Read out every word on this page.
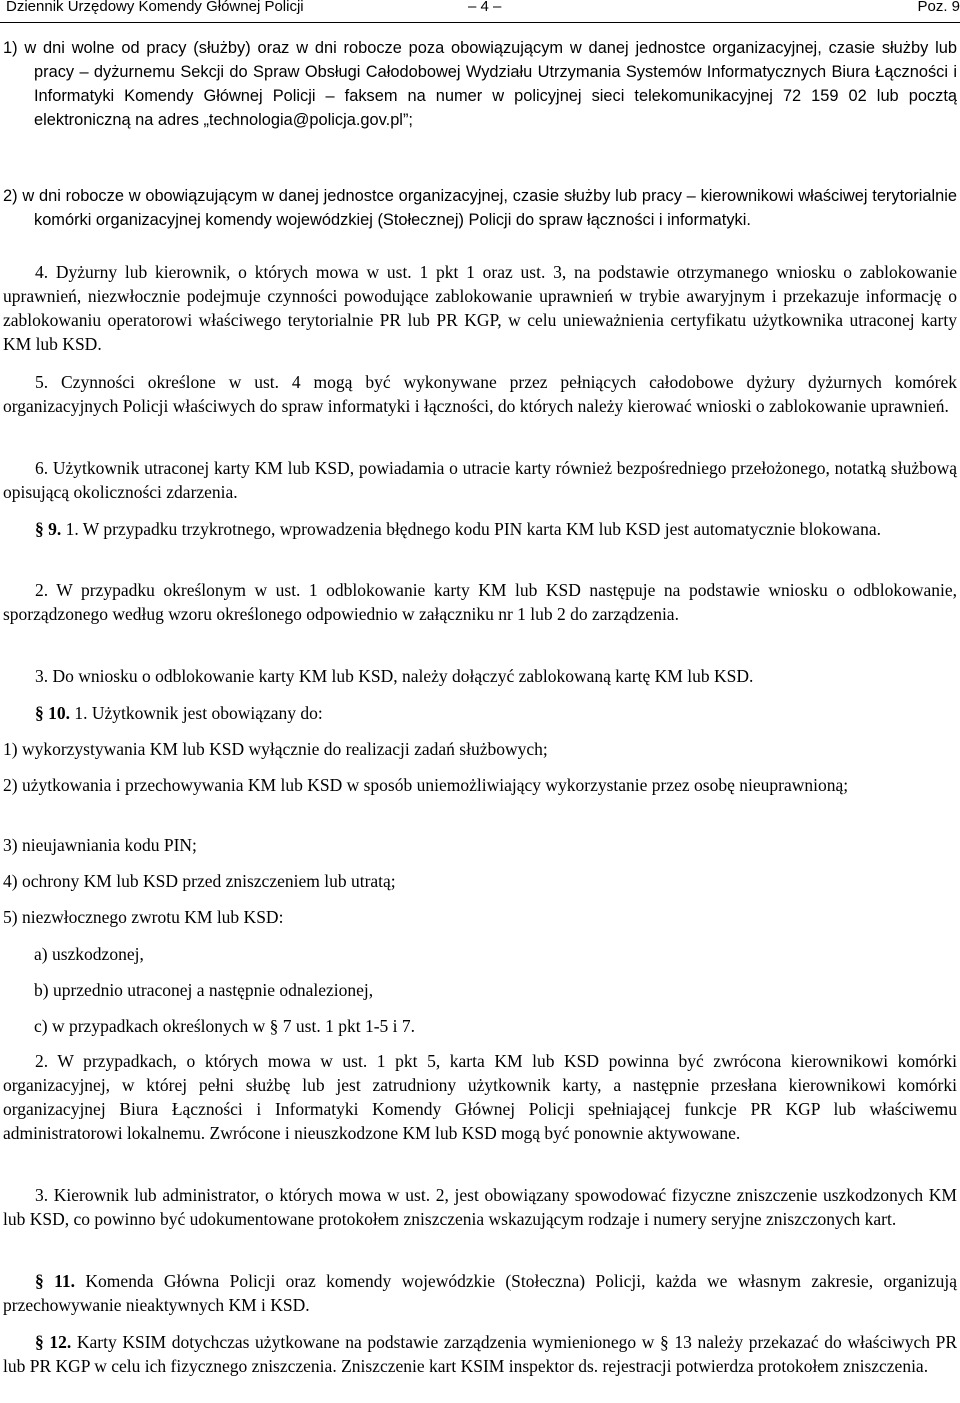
Dziennik Urzędowy Komendy Głównej Policji	– 4 –	Poz. 9

1) w dni wolne od pracy (służby) oraz w dni robocze poza obowiązującym w danej jednostce organizacyjnej, czasie służby lub pracy – dyżurnemu Sekcji do Spraw Obsługi Całodobowej Wydziału Utrzymania Systemów Informatycznych Biura Łączności i Informatyki Komendy Głównej Policji – faksem na numer w policyjnej sieci telekomunikacyjnej 72 159 02 lub pocztą elektroniczną na adres „technologia@policja.gov.pl”;

2) w dni robocze w obowiązującym w danej jednostce organizacyjnej, czasie służby lub pracy – kierownikowi właściwej terytorialnie komórki organizacyjnej komendy wojewódzkiej (Stołecznej) Policji do spraw łączności i informatyki.

4. Dyżurny lub kierownik, o których mowa w ust. 1 pkt 1 oraz ust. 3, na podstawie otrzymanego wniosku o zablokowanie uprawnień, niezwłocznie podejmuje czynności powodujące zablokowanie uprawnień w trybie awaryjnym i przekazuje informację o zablokowaniu operatorowi właściwego terytorialnie PR lub PR KGP, w celu unieważnienia certyfikatu użytkownika utraconej karty KM lub KSD.

5. Czynności określone w ust. 4 mogą być wykonywane przez pełniących całodobowe dyżury dyżurnych komórek organizacyjnych Policji właściwych do spraw informatyki i łączności, do których należy kierować wnioski o zablokowanie uprawnień.

6. Użytkownik utraconej karty KM lub KSD, powiadamia o utracie karty również bezpośredniego przełożonego, notatką służbową opisującą okoliczności zdarzenia.

§ 9. 1. W przypadku trzykrotnego, wprowadzenia błędnego kodu PIN karta KM lub KSD jest automatycznie blokowana.

2. W przypadku określonym w ust. 1 odblokowanie karty KM lub KSD następuje na podstawie wniosku o odblokowanie, sporządzonego według wzoru określonego odpowiednio w załączniku nr 1 lub 2 do zarządzenia.

3. Do wniosku o odblokowanie karty KM lub KSD, należy dołączyć zablokowaną kartę KM lub KSD.

§ 10. 1. Użytkownik jest obowiązany do:

1) wykorzystywania KM lub KSD wyłącznie do realizacji zadań służbowych;

2) użytkowania i przechowywania KM lub KSD w sposób uniemożliwiający wykorzystanie przez osobę nieuprawnioną;

3) nieujawniania kodu PIN;

4) ochrony KM lub KSD przed zniszczeniem lub utratą;

5) niezwłocznego zwrotu KM lub KSD:

a) uszkodzonej,

b) uprzednio utraconej a następnie odnalezionej,

c) w przypadkach określonych w § 7 ust. 1 pkt 1-5 i 7.

2. W przypadkach, o których mowa w ust. 1 pkt 5, karta KM lub KSD powinna być zwrócona kierownikowi komórki organizacyjnej, w której pełni służbę lub jest zatrudniony użytkownik karty, a następnie przesłana kierownikowi komórki organizacyjnej Biura Łączności i Informatyki Komendy Głównej Policji spełniającej funkcje PR KGP lub właściwemu administratorowi lokalnemu. Zwrócone i nieuszkodzone KM lub KSD mogą być ponownie aktywowane.

3. Kierownik lub administrator, o których mowa w ust. 2, jest obowiązany spowodować fizyczne zniszczenie uszkodzonych KM lub KSD, co powinno być udokumentowane protokołem zniszczenia wskazującym rodzaje i numery seryjne zniszczonych kart.

§ 11. Komenda Główna Policji oraz komendy wojewódzkie (Stołeczna) Policji, każda we własnym zakresie, organizują przechowywanie nieaktywnych KM i KSD.

§ 12. Karty KSIM dotychczas użytkowane na podstawie zarządzenia wymienionego w § 13 należy przekazać do właściwych PR lub PR KGP w celu ich fizycznego zniszczenia. Zniszczenie kart KSIM inspektor ds. rejestracji potwierdza protokołem zniszczenia.
